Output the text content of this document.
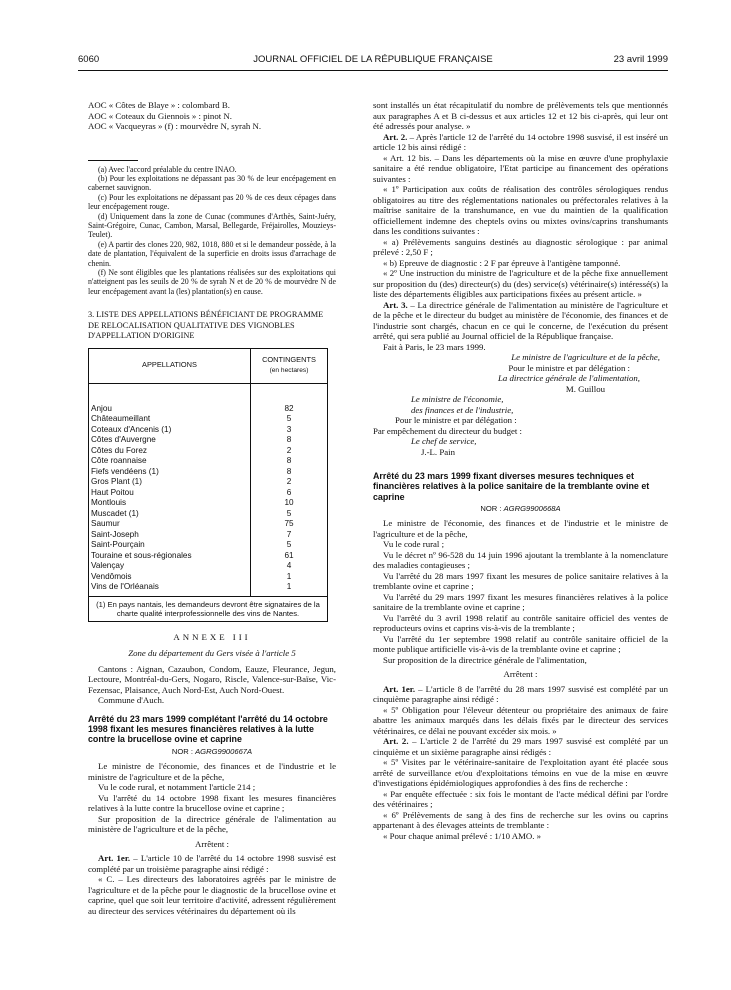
6060	JOURNAL OFFICIEL DE LA RÉPUBLIQUE FRANÇAISE	23 avril 1999
AOC « Côtes de Blaye » : colombard B.
AOC « Coteaux du Giennois » : pinot N.
AOC « Vacqueyras » (f) : mourvèdre N, syrah N.

(a) Avec l'accord préalable du centre INAO.

(b) Pour les exploitations ne dépassant pas 30 % de leur encépagement en cabernet sauvignon.

(c) Pour les exploitations ne dépassant pas 20 % de ces deux cépages dans leur encépagement rouge.

(d) Uniquement dans la zone de Cunac (communes d'Arthès, Saint-Juéry, Saint-Grégoire, Cunac, Cambon, Marsal, Bellegarde, Fréjairolles, Mouzieys-Teulet).

(e) A partir des clones 220, 982, 1018, 880 et si le demandeur possède, à la date de plantation, l'équivalent de la superficie en droits issus d'arrachage de chenin.

(f) Ne sont éligibles que les plantations réalisées sur des exploitations qui n'atteignent pas les seuils de 20 % de syrah N et de 20 % de mourvèdre N de leur encépagement avant la (les) plantation(s) en cause.

3. LISTE DES APPELLATIONS BÉNÉFICIANT DE PROGRAMME DE RELOCALISATION QUALITATIVE DES VIGNOBLES D'APPELLATION D'ORIGINE

APPELLATIONS	CONTINGENTS
(en hectares)

Anjou	82
Châteaumeillant	5
Coteaux d'Ancenis (1)	3
Côtes d'Auvergne	8
Côtes du Forez	2
Côte roannaise	8
Fiefs vendéens (1)	8
Gros Plant (1)	2
Haut Poitou	6
Montlouis	10
Muscadet (1)	5
Saumur	75
Saint-Joseph	7
Saint-Pourçain	5
Touraine et sous-régionales	61
Valençay	4
Vendômois	1
Vins de l'Orléanais	1
(1) En pays nantais, les demandeurs devront être signataires de la charte qualité interprofessionnelle des vins de Nantes.	
ANNEXE III

Zone du département du Gers visée à l'article 5

Cantons : Aignan, Cazaubon, Condom, Eauze, Fleurance, Jegun, Lectoure, Montréal-du-Gers, Nogaro, Riscle, Valence-sur-Baïse, Vic-Fezensac, Plaisance, Auch Nord-Est, Auch Nord-Ouest.

Commune d'Auch.

Arrêté du 23 mars 1999 complétant l'arrêté du 14 octobre 1998 fixant les mesures financières relatives à la lutte contre la brucellose ovine et caprine

NOR : AGRG9900667A

Le ministre de l'économie, des finances et de l'industrie et le ministre de l'agriculture et de la pêche,

Vu le code rural, et notamment l'article 214 ;

Vu l'arrêté du 14 octobre 1998 fixant les mesures financières relatives à la lutte contre la brucellose ovine et caprine ;

Sur proposition de la directrice générale de l'alimentation au ministère de l'agriculture et de la pêche,

Arrêtent :

Art. 1er. – L'article 10 de l'arrêté du 14 octobre 1998 susvisé est complété par un troisième paragraphe ainsi rédigé :

« C. – Les directeurs des laboratoires agréés par le ministre de l'agriculture et de la pêche pour le diagnostic de la brucellose ovine et caprine, quel que soit leur territoire d'activité, adressent régulièrement au directeur des services vétérinaires du département où ils

sont installés un état récapitulatif du nombre de prélèvements tels que mentionnés aux paragraphes A et B ci-dessus et aux articles 12 et 12 bis ci-après, qui leur ont été adressés pour analyse. »

Art. 2. – Après l'article 12 de l'arrêté du 14 octobre 1998 susvisé, il est inséré un article 12 bis ainsi rédigé :

« Art. 12 bis. – Dans les départements où la mise en œuvre d'une prophylaxie sanitaire a été rendue obligatoire, l'Etat participe au financement des opérations suivantes :

« 1º Participation aux coûts de réalisation des contrôles sérologiques rendus obligatoires au titre des réglementations nationales ou préfectorales relatives à la maîtrise sanitaire de la transhumance, en vue du maintien de la qualification officiellement indemne des cheptels ovins ou mixtes ovins/caprins transhumants dans les conditions suivantes :

« a) Prélèvements sanguins destinés au diagnostic sérologique : par animal prélevé : 2,50 F ;

« b) Epreuve de diagnostic : 2 F par épreuve à l'antigène tamponné.

« 2º Une instruction du ministre de l'agriculture et de la pêche fixe annuellement sur proposition du (des) directeur(s) du (des) service(s) vétérinaire(s) intéressé(s) la liste des départements éligibles aux participations fixées au présent article. »

Art. 3. – La directrice générale de l'alimentation au ministère de l'agriculture et de la pêche et le directeur du budget au ministère de l'économie, des finances et de l'industrie sont chargés, chacun en ce qui le concerne, de l'exécution du présent arrêté, qui sera publié au Journal officiel de la République française.

Fait à Paris, le 23 mars 1999.

Le ministre de l'agriculture et de la pêche,

Pour le ministre et par délégation :

La directrice générale de l'alimentation,

M. Guillou

Le ministre de l'économie,

des finances et de l'industrie,

Pour le ministre et par délégation :

Par empêchement du directeur du budget :

Le chef de service,

J.-L. Pain

Arrêté du 23 mars 1999 fixant diverses mesures techniques et financières relatives à la police sanitaire de la tremblante ovine et caprine

NOR : AGRG9900668A

Le ministre de l'économie, des finances et de l'industrie et le ministre de l'agriculture et de la pêche,

Vu le code rural ;

Vu le décret nº 96-528 du 14 juin 1996 ajoutant la tremblante à la nomenclature des maladies contagieuses ;

Vu l'arrêté du 28 mars 1997 fixant les mesures de police sanitaire relatives à la tremblante ovine et caprine ;

Vu l'arrêté du 29 mars 1997 fixant les mesures financières relatives à la police sanitaire de la tremblante ovine et caprine ;

Vu l'arrêté du 3 avril 1998 relatif au contrôle sanitaire officiel des ventes de reproducteurs ovins et caprins vis-à-vis de la tremblante ;

Vu l'arrêté du 1er septembre 1998 relatif au contrôle sanitaire officiel de la monte publique artificielle vis-à-vis de la tremblante ovine et caprine ;

Sur proposition de la directrice générale de l'alimentation,

Arrêtent :

Art. 1er. – L'article 8 de l'arrêté du 28 mars 1997 susvisé est complété par un cinquième paragraphe ainsi rédigé :

« 5º Obligation pour l'éleveur détenteur ou propriétaire des animaux de faire abattre les animaux marqués dans les délais fixés par le directeur des services vétérinaires, ce délai ne pouvant excéder six mois. »

Art. 2. – L'article 2 de l'arrêté du 29 mars 1997 susvisé est complété par un cinquième et un sixième paragraphe ainsi rédigés :

« 5º Visites par le vétérinaire-sanitaire de l'exploitation ayant été placée sous arrêté de surveillance et/ou d'exploitations témoins en vue de la mise en œuvre d'investigations épidémiologiques approfondies à des fins de recherche :

« Par enquête effectuée : six fois le montant de l'acte médical défini par l'ordre des vétérinaires ;

« 6º Prélèvements de sang à des fins de recherche sur les ovins ou caprins appartenant à des élevages atteints de tremblante :

« Pour chaque animal prélevé : 1/10 AMO. »
